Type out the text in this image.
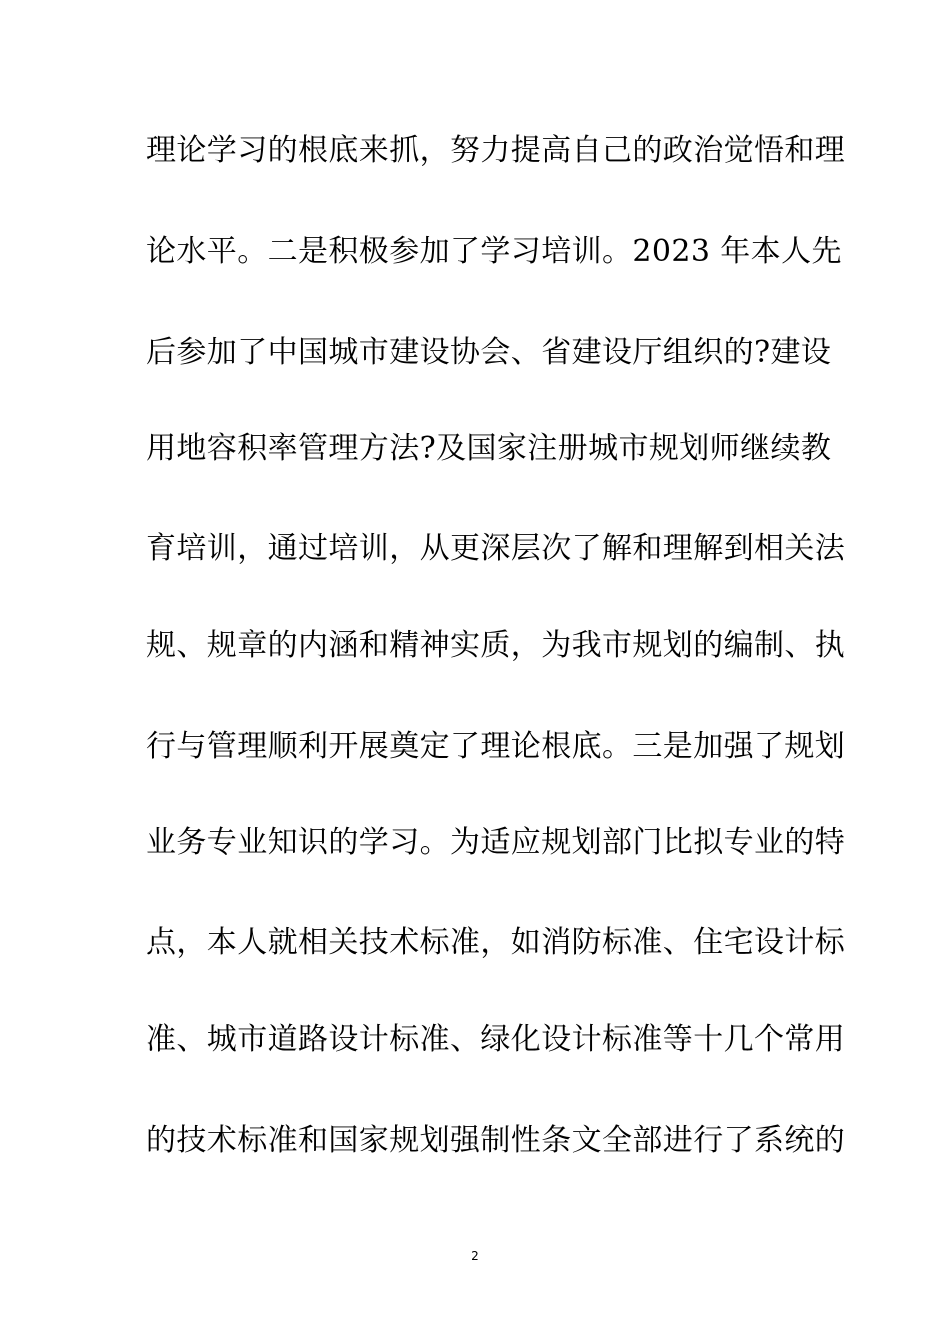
理论学习的根底来抓，努力提高自己的政治觉悟和理
论水平。二是积极参加了学习培训。2023 年本人先
后参加了中国城市建设协会、省建设厅组织的?建设
用地容积率管理方法?及国家注册城市规划师继续教
育培训，通过培训，从更深层次了解和理解到相关法
规、规章的内涵和精神实质，为我市规划的编制、执
行与管理顺利开展奠定了理论根底。三是加强了规划
业务专业知识的学习。为适应规划部门比拟专业的特
点，本人就相关技术标准，如消防标准、住宅设计标
准、城市道路设计标准、绿化设计标准等十几个常用
的技术标准和国家规划强制性条文全部进行了系统的
2
